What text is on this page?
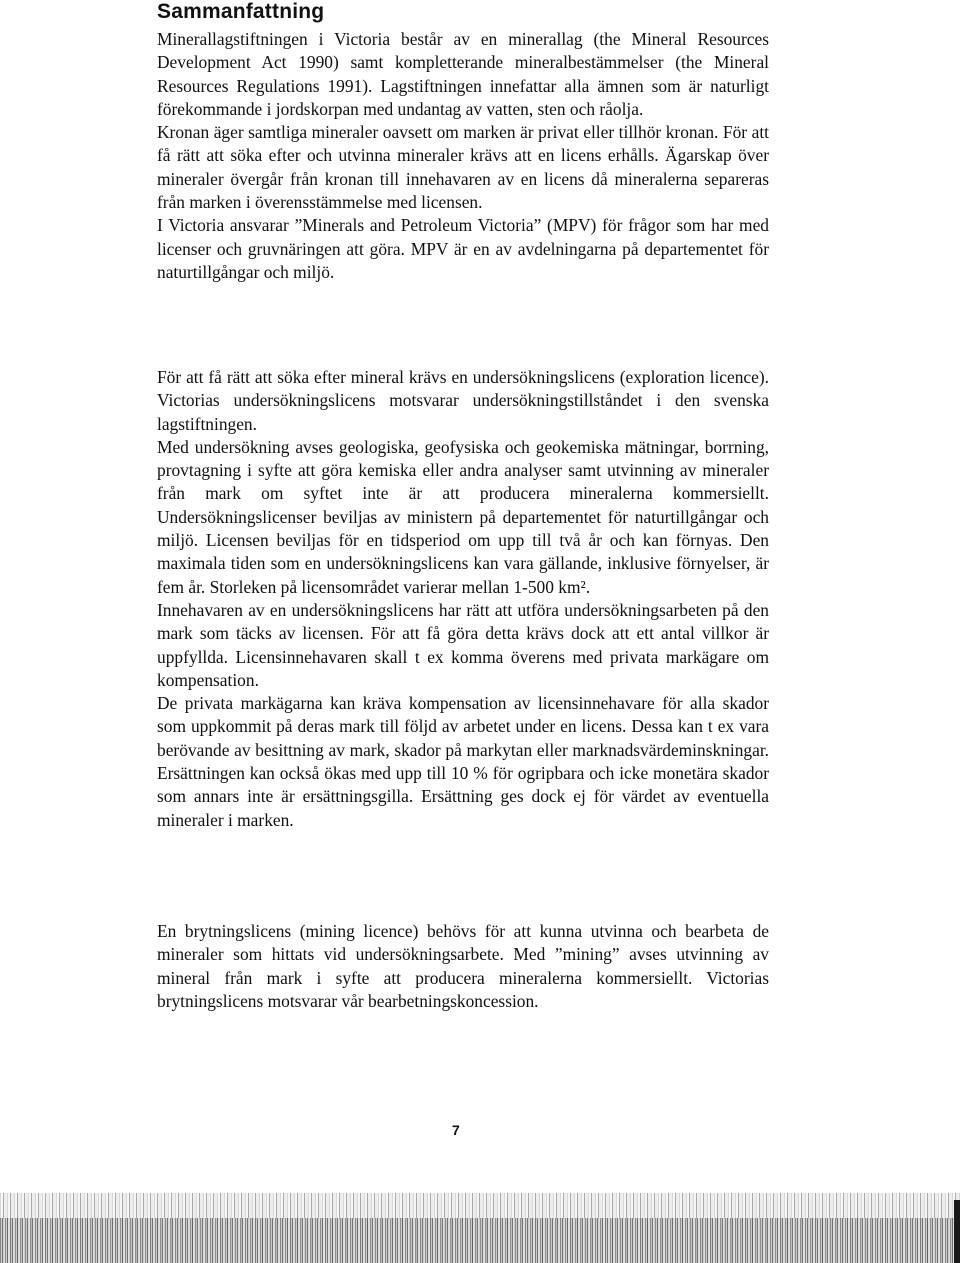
Sammanfattning

Minerallagstiftningen i Victoria består av en minerallag (the Mineral Resources Development Act 1990) samt kompletterande mineralbestämmelser (the Mineral Resources Regulations 1991). Lagstiftningen innefattar alla ämnen som är naturligt förekommande i jordskorpan med undantag av vatten, sten och råolja.

Kronan äger samtliga mineraler oavsett om marken är privat eller tillhör kronan. För att få rätt att söka efter och utvinna mineraler krävs att en licens erhålls. Ägarskap över mineraler övergår från kronan till innehavaren av en licens då mineralerna separeras från marken i överensstämmelse med licensen.

I Victoria ansvarar ”Minerals and Petroleum Victoria” (MPV) för frågor som har med licenser och gruvnäringen att göra. MPV är en av avdelningarna på departementet för naturtillgångar och miljö.

För att få rätt att söka efter mineral krävs en undersökningslicens (exploration licence). Victorias undersökningslicens motsvarar undersökningstillståndet i den svenska lagstiftningen.

Med undersökning avses geologiska, geofysiska och geokemiska mätningar, borrning, provtagning i syfte att göra kemiska eller andra analyser samt utvinning av mineraler från mark om syftet inte är att producera mineralerna kommersiellt. Undersökningslicenser beviljas av ministern på departementet för naturtillgångar och miljö. Licensen beviljas för en tidsperiod om upp till två år och kan förnyas. Den maximala tiden som en undersökningslicens kan vara gällande, inklusive förnyelser, är fem år. Storleken på licensområdet varierar mellan 1-500 km².

Innehavaren av en undersökningslicens har rätt att utföra undersökningsarbeten på den mark som täcks av licensen. För att få göra detta krävs dock att ett antal villkor är uppfyllda. Licensinnehavaren skall t ex komma överens med privata markägare om kompensation.

De privata markägarna kan kräva kompensation av licensinnehavare för alla skador som uppkommit på deras mark till följd av arbetet under en licens. Dessa kan t ex vara berövande av besittning av mark, skador på markytan eller marknadsvärdeminskningar. Ersättningen kan också ökas med upp till 10 % för ogripbara och icke monetära skador som annars inte är ersättningsgilla. Ersättning ges dock ej för värdet av eventuella mineraler i marken.

En brytningslicens (mining licence) behövs för att kunna utvinna och bearbeta de mineraler som hittats vid undersökningsarbete. Med ”mining” avses utvinning av mineral från mark i syfte att producera mineralerna kommersiellt. Victorias brytningslicens motsvarar vår bearbetningskoncession.

7
